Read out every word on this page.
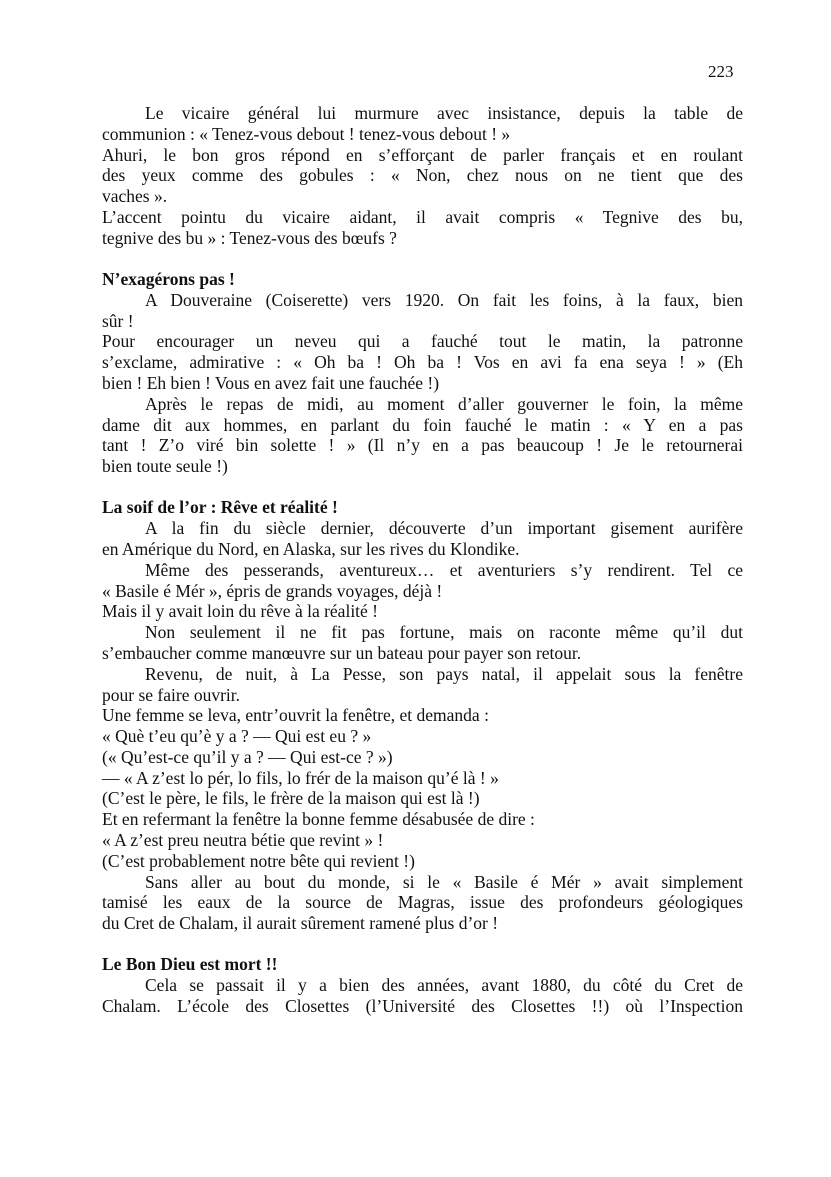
223
Le vicaire général lui murmure avec insistance, depuis la table de
communion : « Tenez-vous debout ! tenez-vous debout ! »
Ahuri, le bon gros répond en s’efforçant de parler français et en roulant
des yeux comme des gobules : « Non, chez nous on ne tient que des
vaches ».
L’accent pointu du vicaire aidant, il avait compris « Tegnive des bu,
tegnive des bu » : Tenez-vous des bœufs ?
N’exagérons pas !
A Douveraine (Coiserette) vers 1920. On fait les foins, à la faux, bien
sûr !
Pour encourager un neveu qui a fauché tout le matin, la patronne
s’exclame, admirative : « Oh ba ! Oh ba ! Vos en avi fa ena seya ! » (Eh
bien ! Eh bien ! Vous en avez fait une fauchée !)
Après le repas de midi, au moment d’aller gouverner le foin, la même
dame dit aux hommes, en parlant du foin fauché le matin : « Y en a pas
tant ! Z’o viré bin solette ! » (Il n’y en a pas beaucoup ! Je le retournerai
bien toute seule !)
La soif de l’or : Rêve et réalité !
A la fin du siècle dernier, découverte d’un important gisement aurifère
en Amérique du Nord, en Alaska, sur les rives du Klondike.
Même des pesserands, aventureux… et aventuriers s’y rendirent. Tel ce
« Basile é Mér », épris de grands voyages, déjà !
Mais il y avait loin du rêve à la réalité !
Non seulement il ne fit pas fortune, mais on raconte même qu’il dut
s’embaucher comme manœuvre sur un bateau pour payer son retour.
Revenu, de nuit, à La Pesse, son pays natal, il appelait sous la fenêtre
pour se faire ouvrir.
Une femme se leva, entr’ouvrit la fenêtre, et demanda :
« Què t’eu qu’è y a ? — Qui est eu ? »
(« Qu’est-ce qu’il y a ? — Qui est-ce ? »)
— « A z’est lo pér, lo fils, lo frér de la maison qu’é là ! »
(C’est le père, le fils, le frère de la maison qui est là !)
Et en refermant la fenêtre la bonne femme désabusée de dire :
« A z’est preu neutra bétie que revint » !
(C’est probablement notre bête qui revient !)
Sans aller au bout du monde, si le « Basile é Mér » avait simplement
tamisé les eaux de la source de Magras, issue des profondeurs géologiques
du Cret de Chalam, il aurait sûrement ramené plus d’or !
Le Bon Dieu est mort !!
Cela se passait il y a bien des années, avant 1880, du côté du Cret de
Chalam. L’école des Closettes (l’Université des Closettes !!) où l’Inspection
